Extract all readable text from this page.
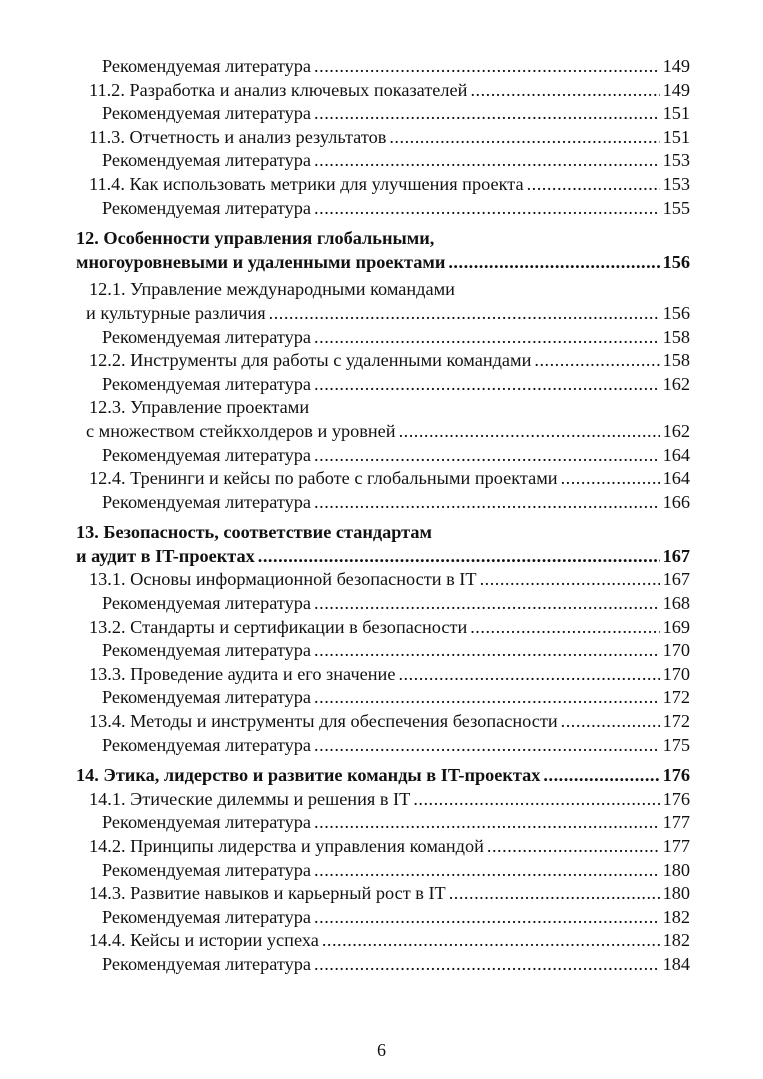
Рекомендуемая литература .....	149
11.2. Разработка и анализ ключевых показателей .....	149
Рекомендуемая литература .....	151
11.3. Отчетность и анализ результатов .....	151
Рекомендуемая литература .....	153
11.4. Как использовать метрики для улучшения проекта .....	153
Рекомендуемая литература .....	155
12. Особенности управления глобальными,
многоуровневыми и удаленными проектами .....	156
12.1. Управление международными командами
и культурные различия .....	156
Рекомендуемая литература .....	158
12.2. Инструменты для работы с удаленными командами .....	158
Рекомендуемая литература .....	162
12.3. Управление проектами
с множеством стейкхолдеров и уровней .....	162
Рекомендуемая литература .....	164
12.4. Тренинги и кейсы по работе с глобальными проектами .....	164
Рекомендуемая литература .....	166
13. Безопасность, соответствие стандартам
и аудит в IT-проектах .....	167
13.1. Основы информационной безопасности в IT .....	167
Рекомендуемая литература .....	168
13.2. Стандарты и сертификации в безопасности .....	169
Рекомендуемая литература .....	170
13.3. Проведение аудита и его значение .....	170
Рекомендуемая литература .....	172
13.4. Методы и инструменты для обеспечения безопасности .....	172
Рекомендуемая литература .....	175
14. Этика, лидерство и развитие команды в IT-проектах .....	176
14.1. Этические дилеммы и решения в IT .....	176
Рекомендуемая литература .....	177
14.2. Принципы лидерства и управления командой .....	177
Рекомендуемая литература .....	180
14.3. Развитие навыков и карьерный рост в IT .....	180
Рекомендуемая литература .....	182
14.4. Кейсы и истории успеха .....	182
Рекомендуемая литература .....	184
6
